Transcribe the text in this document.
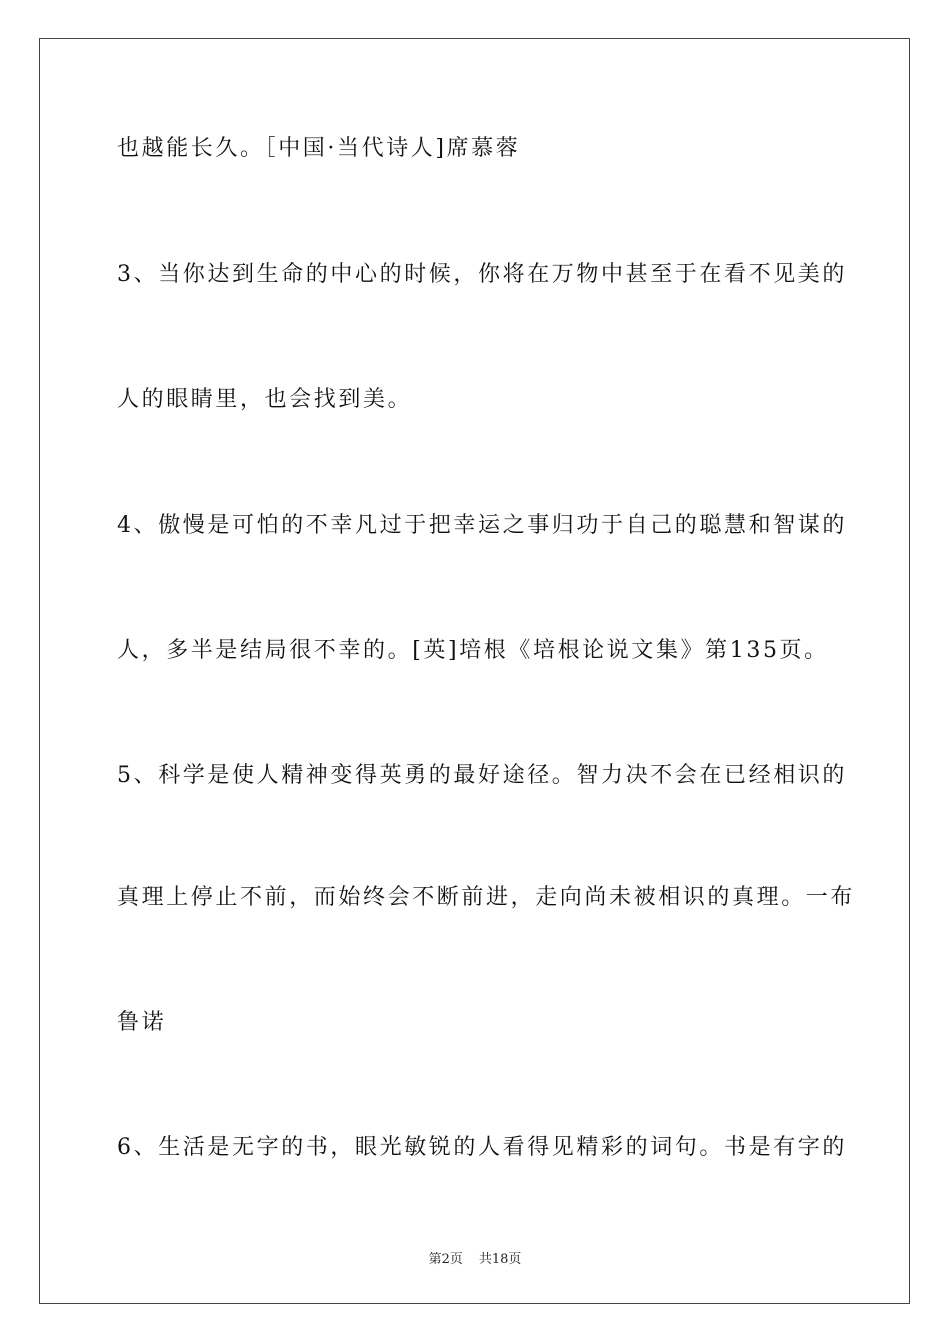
也越能长久。［中国·当代诗人]席慕蓉
3、当你达到生命的中心的时候，你将在万物中甚至于在看不见美的
人的眼睛里，也会找到美。
4、傲慢是可怕的不幸凡过于把幸运之事归功于自己的聪慧和智谋的
人，多半是结局很不幸的。[英]培根《培根论说文集》第135页。
5、科学是使人精神变得英勇的最好途径。智力决不会在已经相识的
真理上停止不前，而始终会不断前进，走向尚未被相识的真理。一布
鲁诺
6、生活是无字的书，眼光敏锐的人看得见精彩的词句。书是有字的
第2页 共18页
